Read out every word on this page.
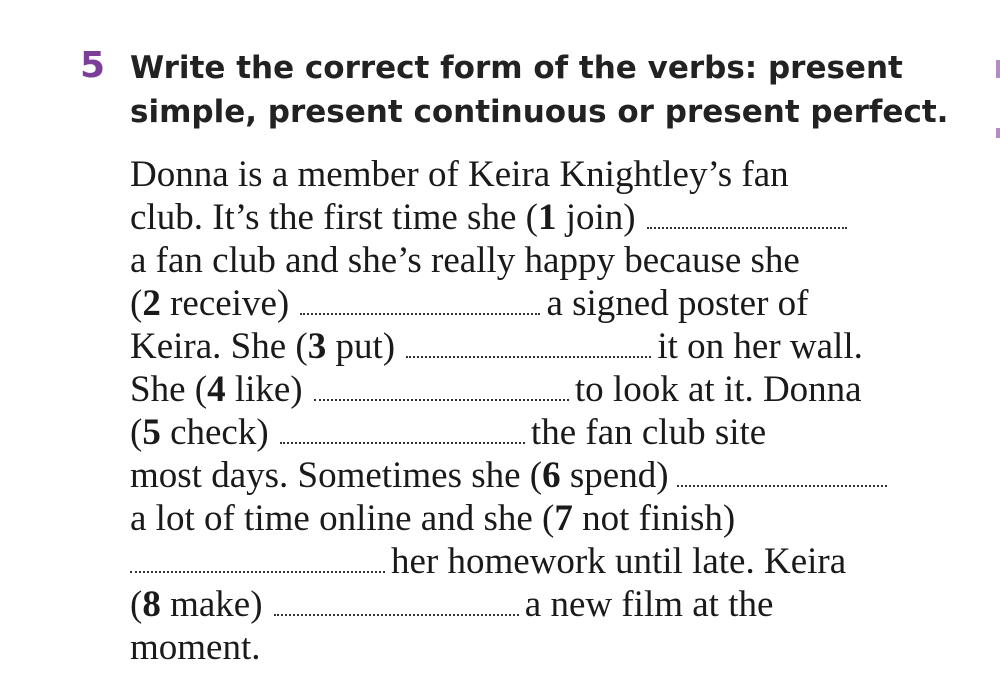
5 Write the correct form of the verbs: present
simple, present continuous or present perfect.
Donna is a member of Keira Knightley’s fan
club. It’s the first time she (1 join)
a fan club and she’s really happy because she
(2 receive)	a signed poster of
Keira. She (3 put)	it on her wall.
She (4 like)	to look at it. Donna
(5 check)	the fan club site
most days. Sometimes she (6 spend)
a lot of time online and she (7 not finish)
her homework until late. Keira
(8 make)	a new film at the
moment.
